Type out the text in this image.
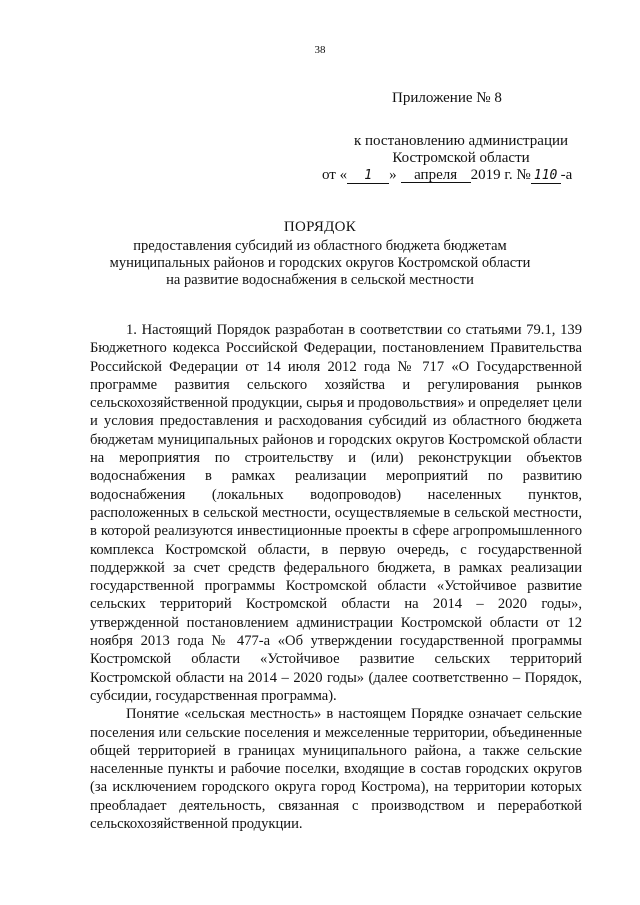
38
Приложение № 8
к постановлению администрации
Костромской области
от « 1 » апреля 2019 г. № 110 -а
ПОРЯДОК
предоставления субсидий из областного бюджета бюджетам
муниципальных районов и городских округов Костромской области
на развитие водоснабжения в сельской местности

1. Настоящий Порядок разработан в соответствии со статьями 79.1, 139 Бюджетного кодекса Российской Федерации, постановлением Правительства Российской Федерации от 14 июля 2012 года № 717 «О Государственной программе развития сельского хозяйства и регулирования рынков сельскохозяйственной продукции, сырья и продовольствия» и определяет цели и условия предоставления и расходования субсидий из областного бюджета бюджетам муниципальных районов и городских округов Костромской области на мероприятия по строительству и (или) реконструкции объектов водоснабжения в рамках реализации мероприятий по развитию водоснабжения (локальных водопроводов) населенных пунктов, расположенных в сельской местности, осуществляемые в сельской местности, в которой реализуются инвестиционные проекты в сфере агропромышленного комплекса Костромской области, в первую очередь, с государственной поддержкой за счет средств федерального бюджета, в рамках реализации государственной программы Костромской области «Устойчивое развитие сельских территорий Костромской области на 2014 – 2020 годы», утвержденной постановлением администрации Костромской области от 12 ноября 2013 года № 477-а «Об утверждении государственной программы Костромской области «Устойчивое развитие сельских территорий Костромской области на 2014 – 2020 годы» (далее соответственно – Порядок, субсидии, государственная программа).

Понятие «сельская местность» в настоящем Порядке означает сельские поселения или сельские поселения и межселенные территории, объединенные общей территорией в границах муниципального района, а также сельские населенные пункты и рабочие поселки, входящие в состав городских округов (за исключением городского округа город Кострома), на территории которых преобладает деятельность, связанная с производством и переработкой сельскохозяйственной продукции.
